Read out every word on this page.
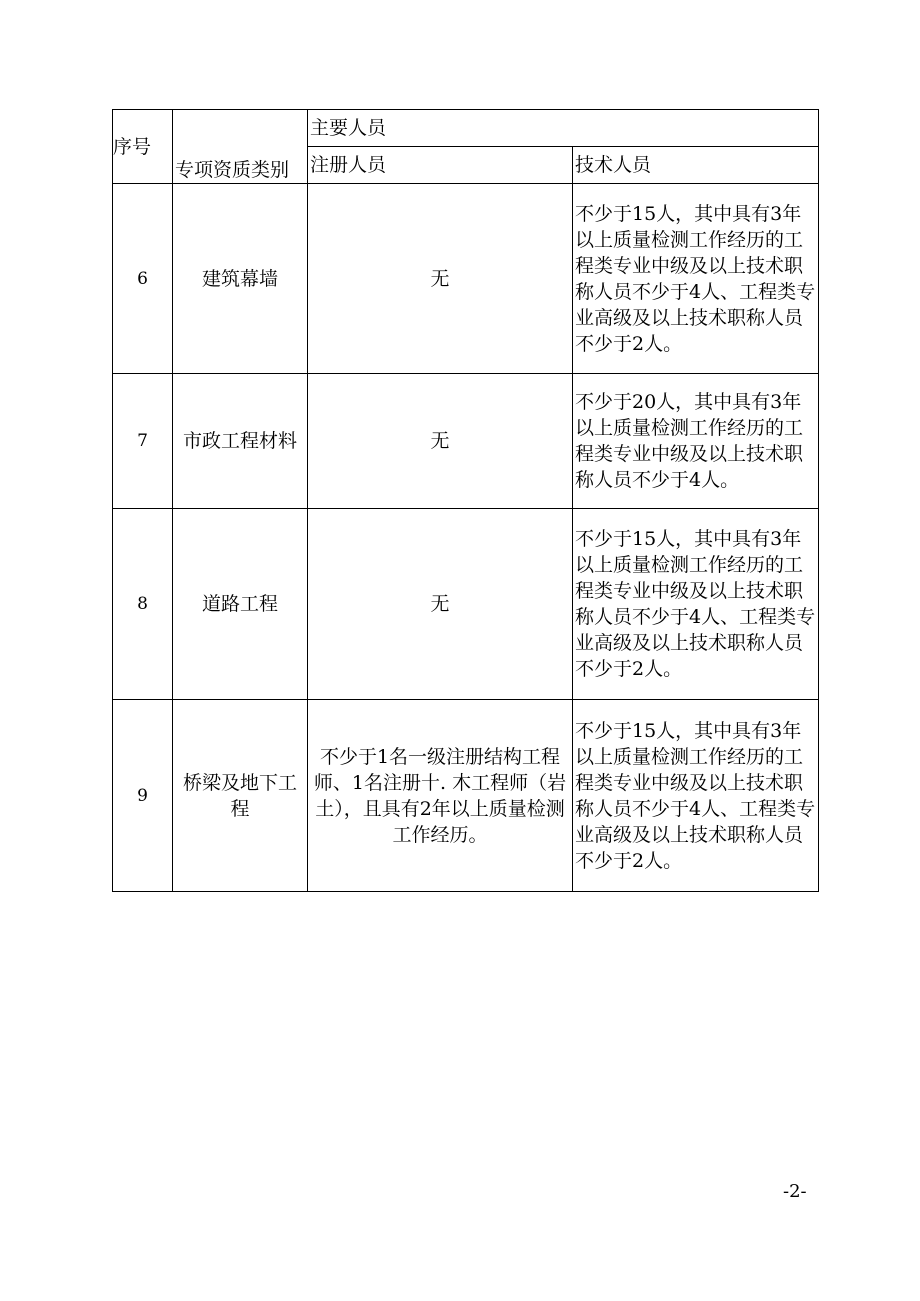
序号	专项资质类别	主要人员	
		注册人员	技术人员
6	建筑幕墙	无	不少于15人，其中具有3年以上质量检测工作经历的工程类专业中级及以上技术职称人员不少于4人、工程类专业高级及以上技术职称人员不少于2人。
7	市政工程材料	无	不少于20人，其中具有3年以上质量检测工作经历的工程类专业中级及以上技术职称人员不少于4人。
8	道路工程	无	不少于15人，其中具有3年以上质量检测工作经历的工程类专业中级及以上技术职称人员不少于4人、工程类专业高级及以上技术职称人员不少于2人。
9	桥梁及地下工程	不少于1名一级注册结构工程师、1名注册十. 木工程师（岩土），且具有2年以上质量检测工作经历。	不少于15人，其中具有3年以上质量检测工作经历的工程类专业中级及以上技术职称人员不少于4人、工程类专业高级及以上技术职称人员不少于2人。
-2-
